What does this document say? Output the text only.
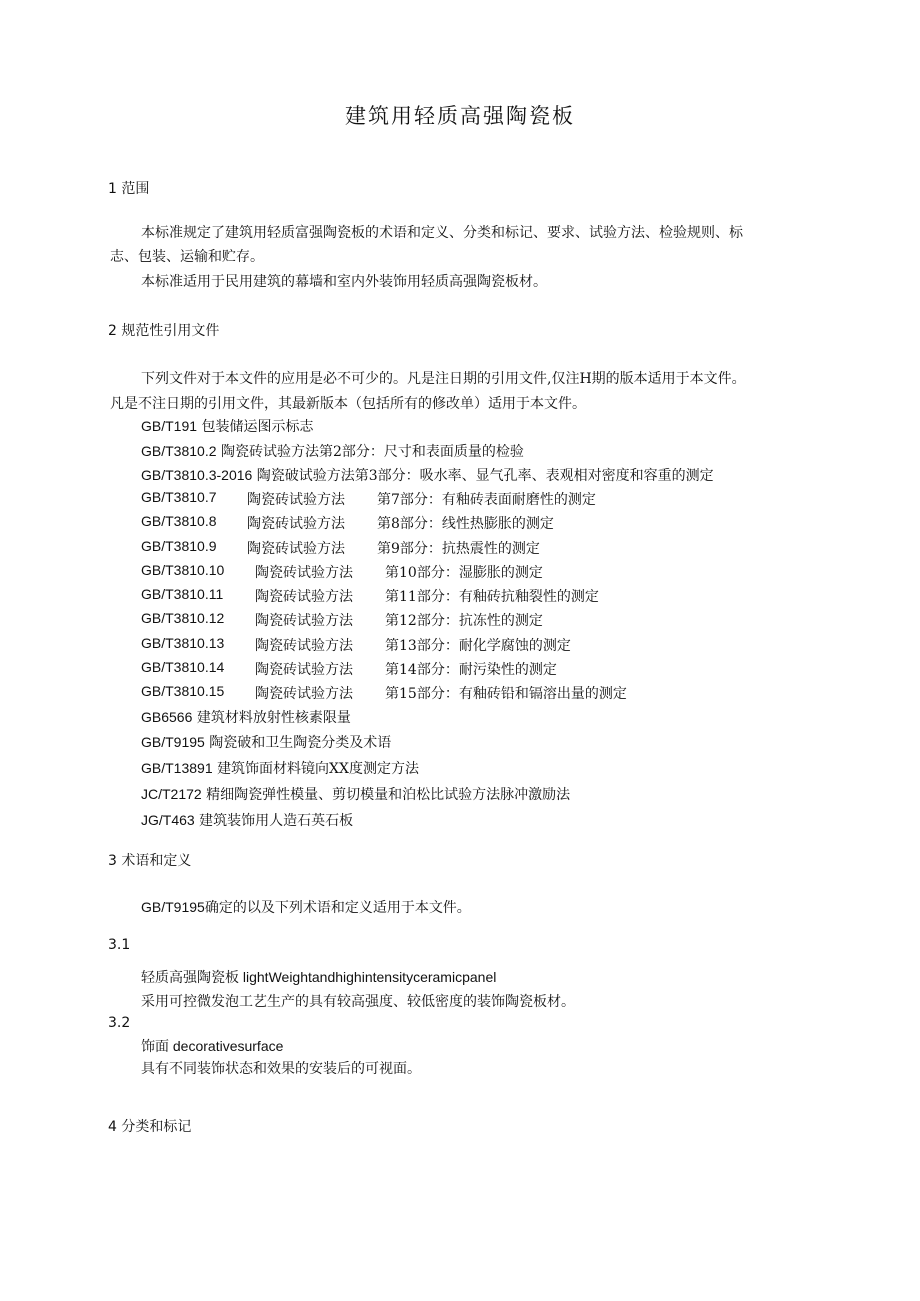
建筑用轻质高强陶瓷板
1 范围
本标准规定了建筑用轻质富强陶瓷板的术语和定义、分类和标记、要求、试验方法、检验规则、标
志、包装、运输和贮存。
本标准适用于民用建筑的幕墙和室内外装饰用轻质高强陶瓷板材。
2 规范性引用文件
下列文件对于本文件的应用是必不可少的。凡是注日期的引用文件,仅注H期的版本适用于本文件。
凡是不注日期的引用文件，其最新版本（包括所有的修改单）适用于本文件。
GB/T191 包装储运图示标志
GB/T3810.2 陶瓷砖试验方法第2部分：尺寸和表面质量的检验
GB/T3810.3-2016 陶瓷破试验方法第3部分：吸水率、显气孔率、表观相对密度和容重的测定
GB/T3810.7 陶瓷砖试验方法 第7部分：有釉砖表面耐磨性的测定
GB/T3810.8 陶瓷砖试验方法 第8部分：线性热膨胀的测定
GB/T3810.9 陶瓷砖试验方法 第9部分：抗热震性的测定
GB/T3810.10 陶瓷砖试验方法 第10部分：湿膨胀的测定
GB/T3810.11 陶瓷砖试验方法 第11部分：有釉砖抗釉裂性的测定
GB/T3810.12 陶瓷砖试验方法 第12部分：抗冻性的测定
GB/T3810.13 陶瓷砖试验方法 第13部分：耐化学腐蚀的测定
GB/T3810.14 陶瓷砖试验方法 第14部分：耐污染性的测定
GB/T3810.15 陶瓷砖试验方法 第15部分：有釉砖铅和镉溶出量的测定
GB6566 建筑材料放射性核素限量
GB/T9195 陶瓷破和卫生陶瓷分类及术语
GB/T13891 建筑饰面材料镜向XX度测定方法
JC/T2172 精细陶瓷弹性模量、剪切模量和泊松比试验方法脉冲激励法
JG/T463 建筑装饰用人造石英石板
3 术语和定义
GB/T9195确定的以及下列术语和定义适用于本文件。
3.1
轻质高强陶瓷板 lightWeightandhighintensityceramicpanel
采用可控微发泡工艺生产的具有较高强度、较低密度的装饰陶瓷板材。
3.2
饰面 decorativesurface
具有不同装饰状态和效果的安装后的可视面。
4 分类和标记
